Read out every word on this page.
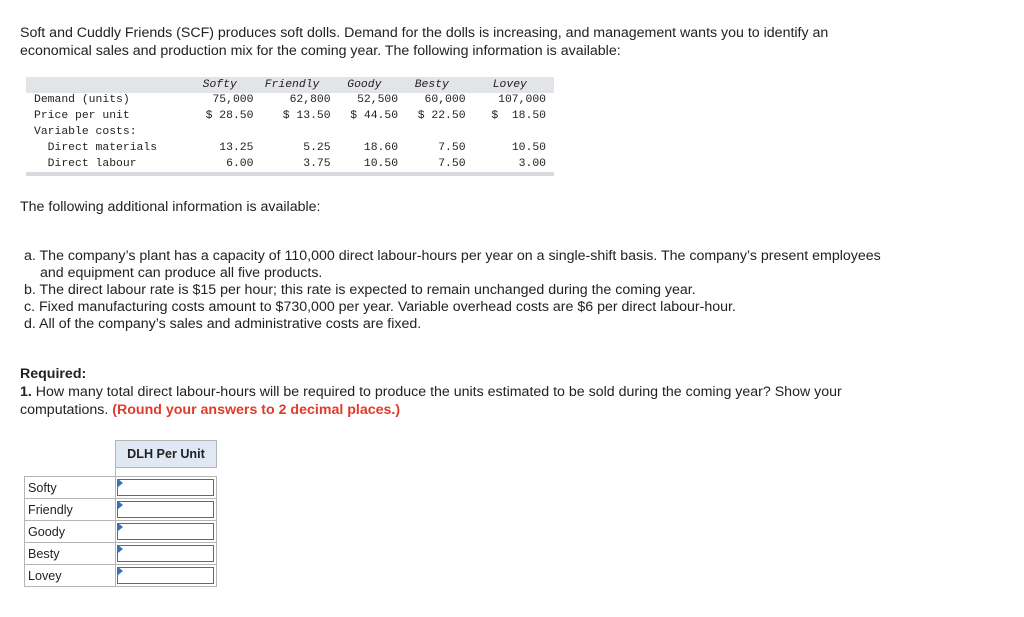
Soft and Cuddly Friends (SCF) produces soft dolls. Demand for the dolls is increasing, and management wants you to identify an economical sales and production mix for the coming year. The following information is available:
	Softy	Friendly	Goody	Besty	Lovey
Demand (units)	75,000	62,800	52,500	60,000	107,000
Price per unit	$ 28.50	$ 13.50	$ 44.50	$ 22.50	$  18.50
Variable costs:					
Direct materials	13.25	5.25	18.60	7.50	10.50
Direct labour	6.00	3.75	10.50	7.50	3.00

The following additional information is available:
a. The company’s plant has a capacity of 110,000 direct labour-hours per year on a single-shift basis. The company’s present employees and equipment can produce all five products.
b. The direct labour rate is $15 per hour; this rate is expected to remain unchanged during the coming year.
c. Fixed manufacturing costs amount to $730,000 per year. Variable overhead costs are $6 per direct labour-hour.
d. All of the company’s sales and administrative costs are fixed.
Required:
1. How many total direct labour-hours will be required to produce the units estimated to be sold during the coming year? Show your computations. (Round your answers to 2 decimal places.)
	DLH Per Unit

Softy	

Friendly	

Goody	

Besty	

Lovey	
